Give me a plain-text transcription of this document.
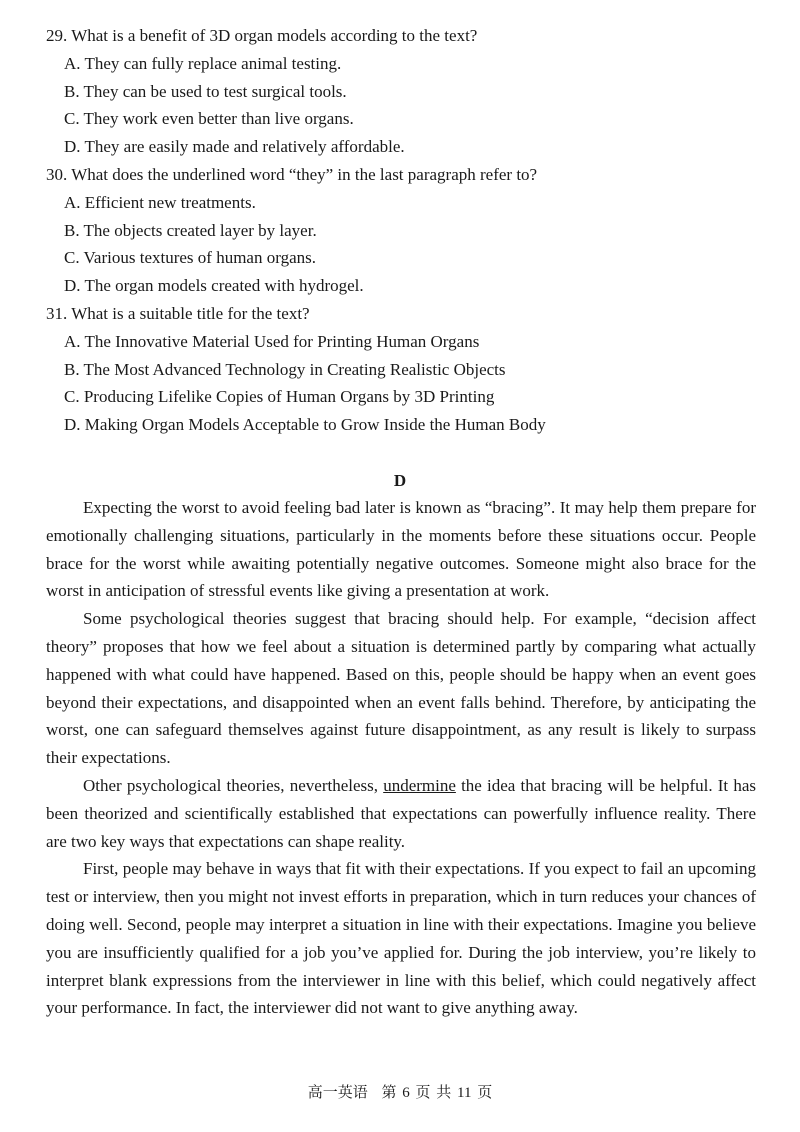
29. What is a benefit of 3D organ models according to the text?
A. They can fully replace animal testing.
B. They can be used to test surgical tools.
C. They work even better than live organs.
D. They are easily made and relatively affordable.
30. What does the underlined word “they” in the last paragraph refer to?
A. Efficient new treatments.
B. The objects created layer by layer.
C. Various textures of human organs.
D. The organ models created with hydrogel.
31. What is a suitable title for the text?
A. The Innovative Material Used for Printing Human Organs
B. The Most Advanced Technology in Creating Realistic Objects
C. Producing Lifelike Copies of Human Organs by 3D Printing
D. Making Organ Models Acceptable to Grow Inside the Human Body
D

Expecting the worst to avoid feeling bad later is known as “bracing”. It may help them prepare for emotionally challenging situations, particularly in the moments before these situations occur. People brace for the worst while awaiting potentially negative outcomes. Someone might also brace for the worst in anticipation of stressful events like giving a presentation at work.

Some psychological theories suggest that bracing should help. For example, “decision affect theory” proposes that how we feel about a situation is determined partly by comparing what actually happened with what could have happened. Based on this, people should be happy when an event goes beyond their expectations, and disappointed when an event falls behind. Therefore, by anticipating the worst, one can safeguard themselves against future disappointment, as any result is likely to surpass their expectations.

Other psychological theories, nevertheless, undermine the idea that bracing will be helpful. It has been theorized and scientifically established that expectations can powerfully influence reality. There are two key ways that expectations can shape reality.

First, people may behave in ways that fit with their expectations. If you expect to fail an upcoming test or interview, then you might not invest efforts in preparation, which in turn reduces your chances of doing well. Second, people may interpret a situation in line with their expectations. Imagine you believe you are insufficiently qualified for a job you’ve applied for. During the job interview, you’re likely to interpret blank expressions from the interviewer in line with this belief, which could negatively affect your performance. In fact, the interviewer did not want to give anything away.

高一英语 第 6 页 共 11 页
